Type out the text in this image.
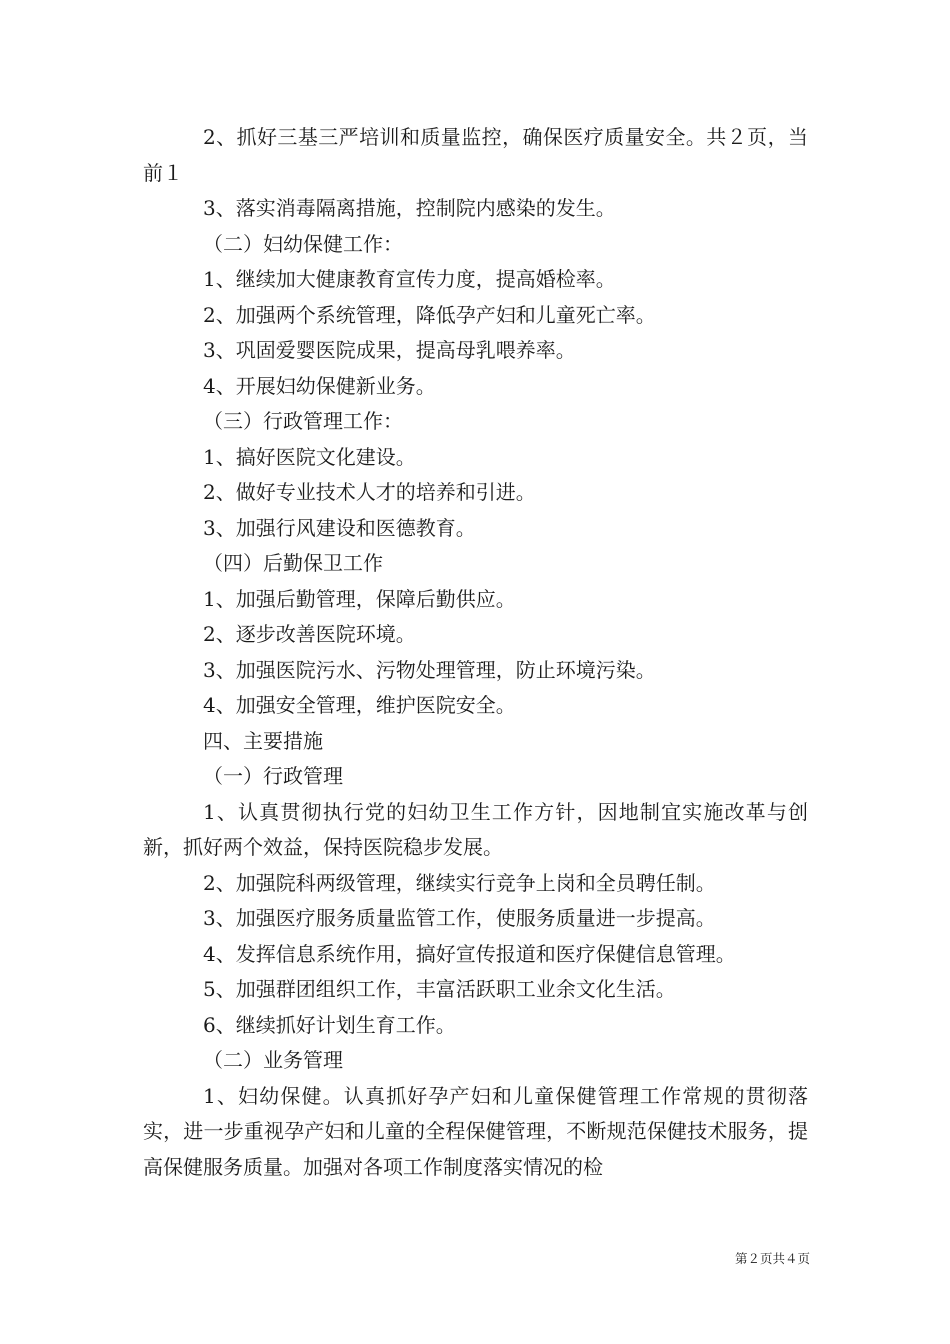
2、抓好三基三严培训和质量监控，确保医疗质量安全。共２页，当前１

3、落实消毒隔离措施，控制院内感染的发生。

（二）妇幼保健工作：

1、继续加大健康教育宣传力度，提高婚检率。

2、加强两个系统管理，降低孕产妇和儿童死亡率。

3、巩固爱婴医院成果，提高母乳喂养率。

4、开展妇幼保健新业务。

（三）行政管理工作：

1、搞好医院文化建设。

2、做好专业技术人才的培养和引进。

3、加强行风建设和医德教育。

（四）后勤保卫工作

1、加强后勤管理，保障后勤供应。

2、逐步改善医院环境。

3、加强医院污水、污物处理管理，防止环境污染。

4、加强安全管理，维护医院安全。

四、主要措施

（一）行政管理

1、认真贯彻执行党的妇幼卫生工作方针，因地制宜实施改革与创新，抓好两个效益，保持医院稳步发展。

2、加强院科两级管理，继续实行竞争上岗和全员聘任制。

3、加强医疗服务质量监管工作，使服务质量进一步提高。

4、发挥信息系统作用，搞好宣传报道和医疗保健信息管理。

5、加强群团组织工作，丰富活跃职工业余文化生活。

6、继续抓好计划生育工作。

（二）业务管理

1、妇幼保健。认真抓好孕产妇和儿童保健管理工作常规的贯彻落实，进一步重视孕产妇和儿童的全程保健管理，不断规范保健技术服务，提高保健服务质量。加强对各项工作制度落实情况的检

第２页共４页
